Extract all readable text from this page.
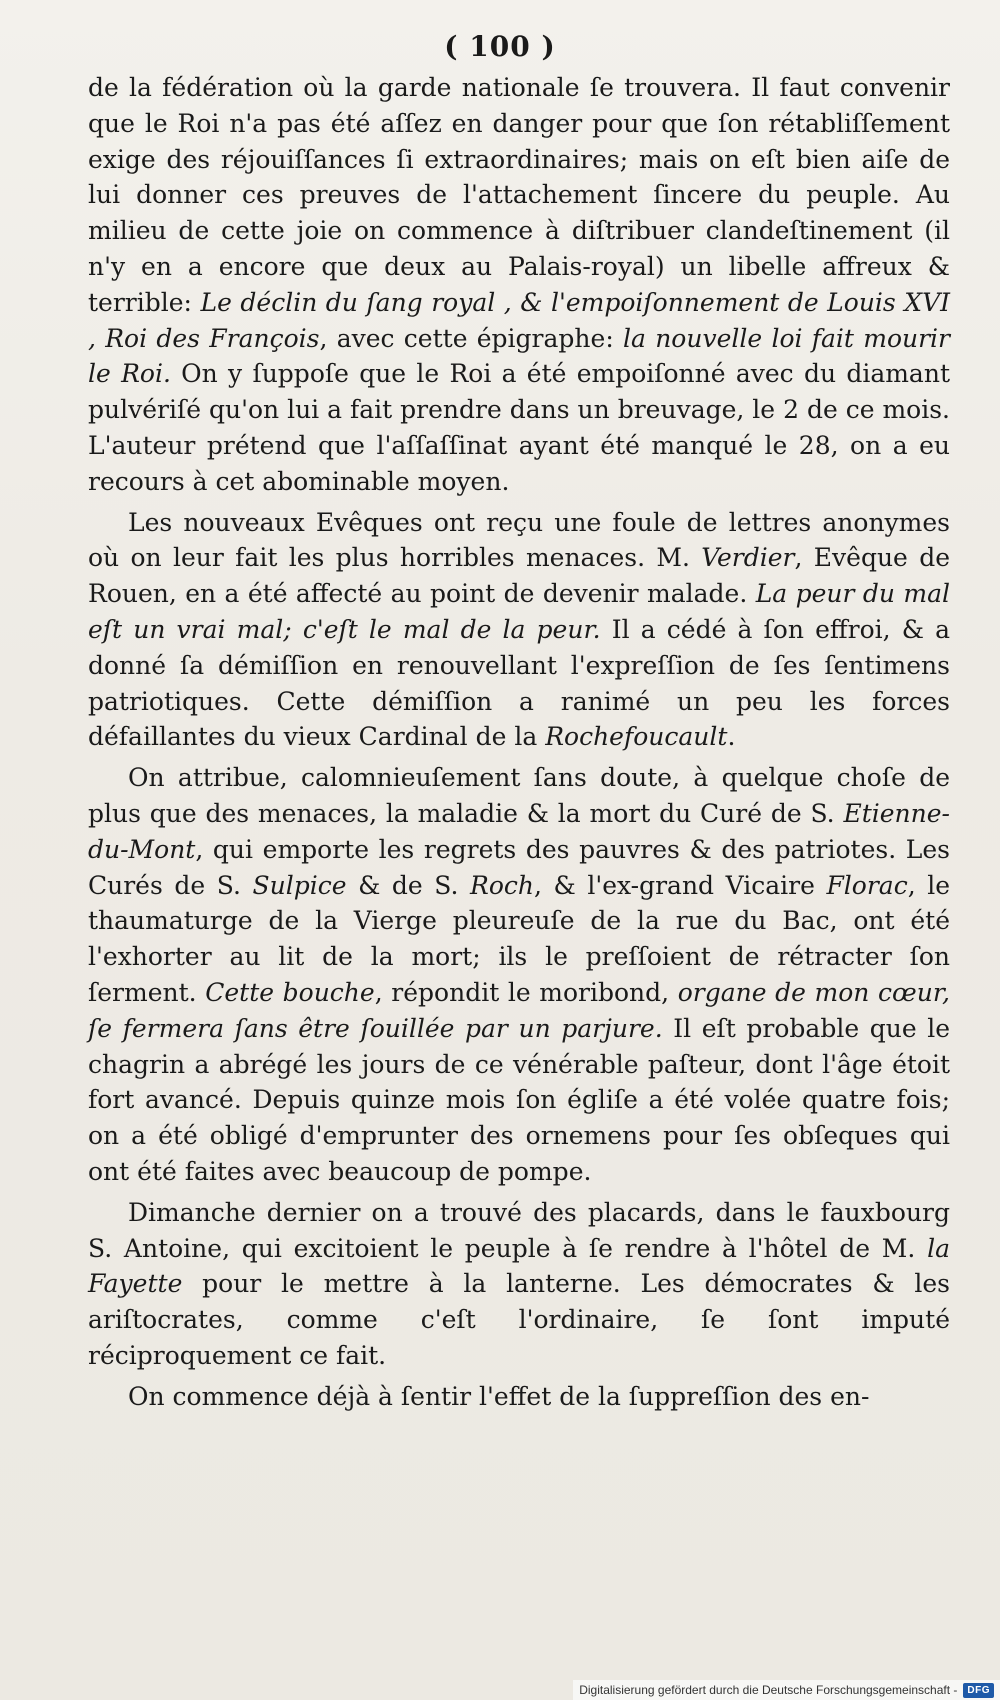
( 100 )

de la fédération où la garde nationale ſe trouvera. Il faut convenir que le Roi n'a pas été aſſez en danger pour que ſon rétabliſſement exige des réjouiſſances ſi extraordinaires; mais on eſt bien aiſe de lui donner ces preuves de l'attachement ſincere du peuple. Au milieu de cette joie on commence à diſtribuer clandeſtinement (il n'y en a encore que deux au Palais-royal) un libelle affreux & terrible: Le déclin du ſang royal , & l'empoiſonnement de Louis XVI , Roi des François, avec cette épigraphe: la nouvelle loi fait mourir le Roi. On y ſuppoſe que le Roi a été empoiſonné avec du diamant pulvériſé qu'on lui a fait prendre dans un breuvage, le 2 de ce mois. L'auteur prétend que l'aſſaſſinat ayant été manqué le 28, on a eu recours à cet abominable moyen.

Les nouveaux Evêques ont reçu une foule de lettres anonymes où on leur fait les plus horribles menaces. M. Verdier, Evêque de Rouen, en a été affecté au point de devenir malade. La peur du mal eſt un vrai mal; c'eſt le mal de la peur. Il a cédé à ſon effroi, & a donné ſa démiſſion en renouvellant l'expreſſion de ſes ſentimens patriotiques. Cette démiſſion a ranimé un peu les forces défaillantes du vieux Cardinal de la Rochefoucault.

On attribue, calomnieuſement ſans doute, à quelque choſe de plus que des menaces, la maladie & la mort du Curé de S. Etienne-du-Mont, qui emporte les regrets des pauvres & des patriotes. Les Curés de S. Sulpice & de S. Roch, & l'ex-grand Vicaire Florac, le thaumaturge de la Vierge pleureuſe de la rue du Bac, ont été l'exhorter au lit de la mort; ils le preſſoient de rétracter ſon ſerment. Cette bouche, répondit le moribond, organe de mon cœur, ſe fermera ſans être ſouillée par un parjure. Il eſt probable que le chagrin a abrégé les jours de ce vénérable paſteur, dont l'âge étoit fort avancé. Depuis quinze mois ſon égliſe a été volée quatre fois; on a été obligé d'emprunter des ornemens pour ſes obſeques qui ont été faites avec beaucoup de pompe.

Dimanche dernier on a trouvé des placards, dans le fauxbourg S. Antoine, qui excitoient le peuple à ſe rendre à l'hôtel de M. la Fayette pour le mettre à la lanterne. Les démocrates & les ariſtocrates, comme c'eſt l'ordinaire, ſe ſont imputé réciproquement ce fait.

On commence déjà à ſentir l'effet de la ſuppreſſion des en-

Digitalisierung gefördert durch die Deutsche Forschungsgemeinschaft -	DFG
